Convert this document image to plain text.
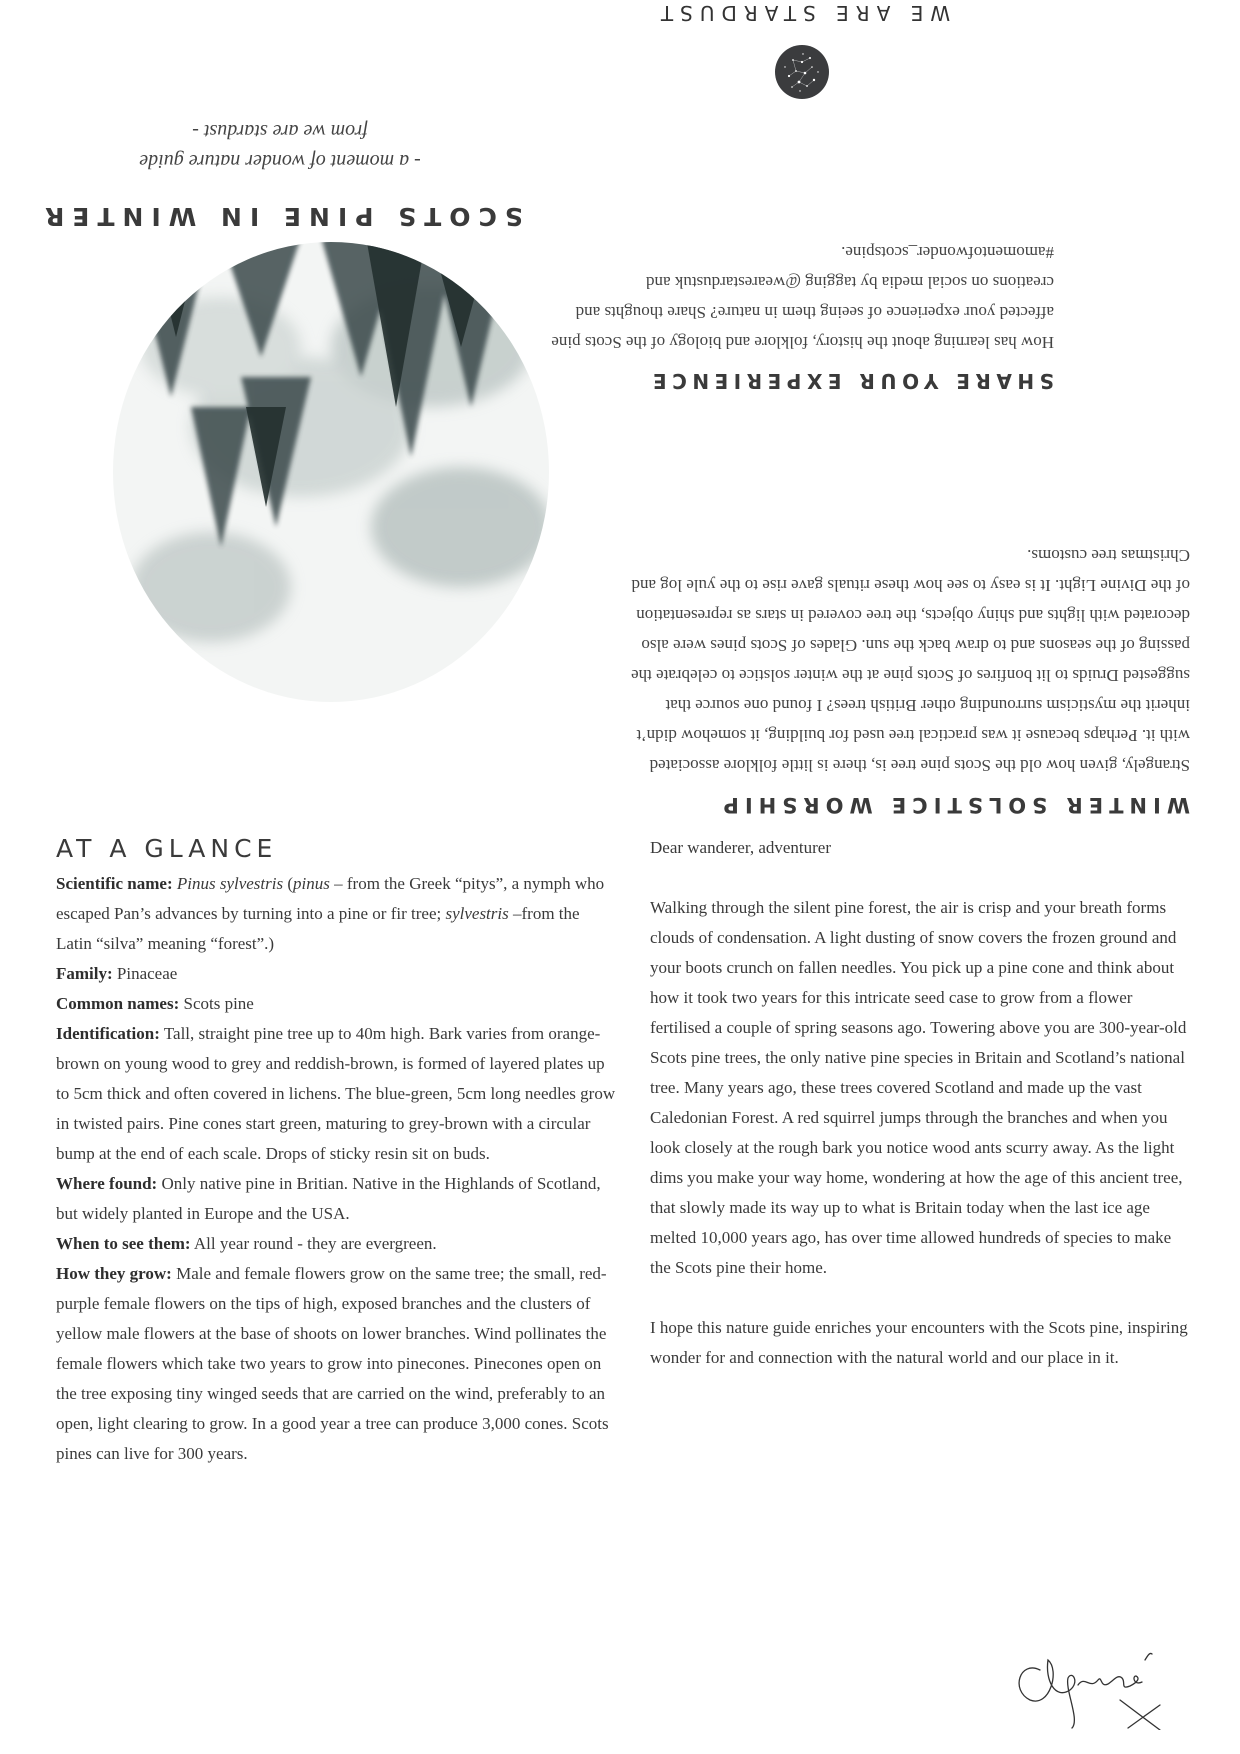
WE ARE STARDUST
SHARE YOUR EXPERIENCE
How has learning about the history, folklore and biology of the Scots pine affected your experience of seeing them in nature? Share thoughts and creations on social media by tagging @wearestardustuk and #amomentofwonder_scotspine.
WINTER SOLSTICE WORSHIP
Strangely, given how old the Scots pine tree is, there is little folklore associated with it. Perhaps because it was practical tree used for building, it somehow didn’t inherit the mysticism surrounding other British trees? I found one source that suggested Druids to lit bonfires of Scots pine at the winter solstice to celebrate the passing of the seasons and to draw back the sun. Glades of Scots pines were also decorated with lights and shiny objects, the tree covered in stars as representation of the Divine Light. It is easy to see how these rituals gave rise to the yule log and Christmas tree customs.
SCOTS PINE IN WINTER
- a moment of wonder nature guide
from we are stardust -
AT A GLANCE

Scientific name: Pinus sylvestris (pinus – from the Greek “pitys”, a nymph who escaped Pan’s advances by turning into a pine or fir tree; sylvestris –from the Latin “silva” meaning “forest”.)

Family: Pinaceae

Common names: Scots pine

Identification: Tall, straight pine tree up to 40m high. Bark varies from orange-brown on young wood to grey and reddish-brown, is formed of layered plates up to 5cm thick and often covered in lichens. The blue-green, 5cm long needles grow in twisted pairs. Pine cones start green, maturing to grey-brown with a circular bump at the end of each scale. Drops of sticky resin sit on buds.

Where found: Only native pine in Britian. Native in the Highlands of Scotland, but widely planted in Europe and the USA.

When to see them: All year round - they are evergreen.

How they grow: Male and female flowers grow on the same tree; the small, red-purple female flowers on the tips of high, exposed branches and the clusters of yellow male flowers at the base of shoots on lower branches. Wind pollinates the female flowers which take two years to grow into pinecones. Pinecones open on the tree exposing tiny winged seeds that are carried on the wind, preferably to an open, light clearing to grow. In a good year a tree can produce 3,000 cones. Scots pines can live for 300 years.

Dear wanderer, adventurer

Walking through the silent pine forest, the air is crisp and your breath forms clouds of condensation. A light dusting of snow covers the frozen ground and your boots crunch on fallen needles. You pick up a pine cone and think about how it took two years for this intricate seed case to grow from a flower fertilised a couple of spring seasons ago. Towering above you are 300-year-old Scots pine trees, the only native pine species in Britain and Scotland’s national tree. Many years ago, these trees covered Scotland and made up the vast Caledonian Forest. A red squirrel jumps through the branches and when you look closely at the rough bark you notice wood ants scurry away. As the light dims you make your way home, wondering at how the age of this ancient tree, that slowly made its way up to what is Britain today when the last ice age melted 10,000 years ago, has over time allowed hundreds of species to make the Scots pine their home.

I hope this nature guide enriches your encounters with the Scots pine, inspiring wonder for and connection with the natural world and our place in it.
